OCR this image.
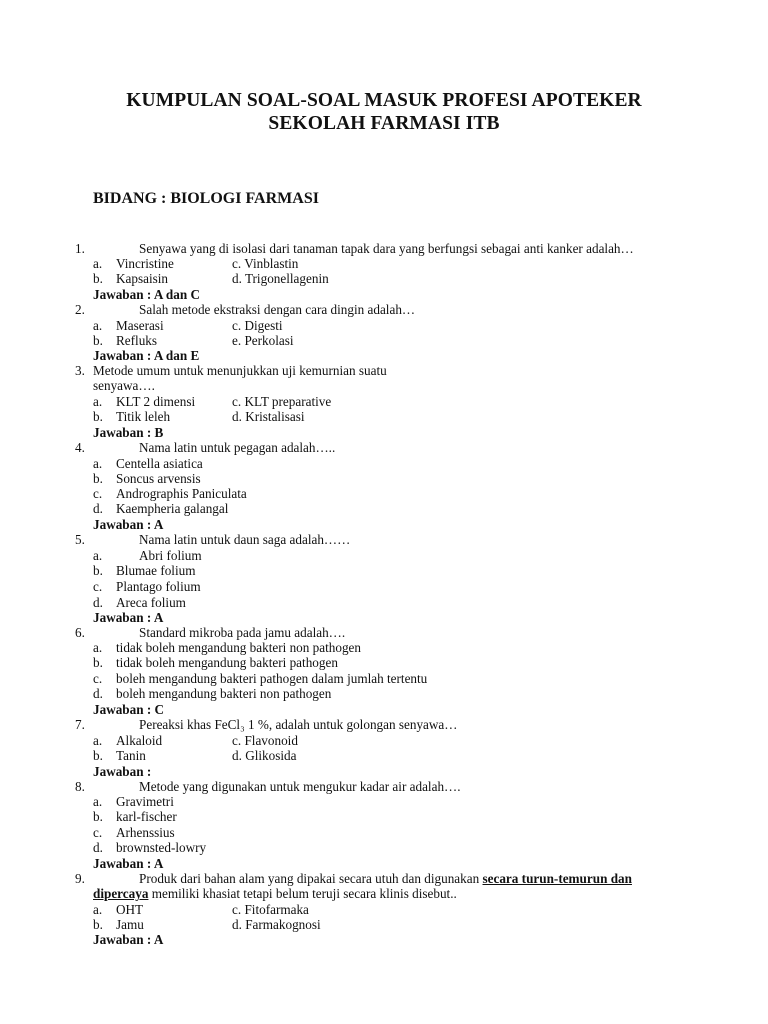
KUMPULAN SOAL-SOAL MASUK PROFESI APOTEKER
SEKOLAH FARMASI ITB
BIDANG : BIOLOGI FARMASI
1.	Senyawa yang di isolasi dari tanaman tapak dara yang berfungsi sebagai anti kanker adalah…
a. Vincristine	c. Vinblastin
b. Kapsaisin	d. Trigonellagenin
Jawaban : A dan C
2.	Salah metode ekstraksi dengan cara dingin adalah…
a. Maserasi	c. Digesti
b. Refluks	e. Perkolasi
Jawaban : A dan E
3. Metode umum untuk menunjukkan uji kemurnian suatu
senyawa….
a. KLT 2 dimensi	c. KLT preparative
b. Titik leleh	d. Kristalisasi
Jawaban : B
4.	Nama latin untuk pegagan adalah…..
a. Centella asiatica
b. Soncus arvensis
c. Andrographis Paniculata
d. Kaempheria galangal
Jawaban : A
5.	Nama latin untuk daun saga adalah……
a.	Abri folium
b. Blumae folium
c. Plantago folium
d. Areca folium
Jawaban : A
6.	Standard mikroba pada jamu adalah….
a. tidak boleh mengandung bakteri non pathogen
b. tidak boleh mengandung bakteri pathogen
c. boleh mengandung bakteri pathogen dalam jumlah tertentu
d. boleh mengandung bakteri non pathogen
Jawaban : C
7.	Pereaksi khas FeCl₃ 1 %, adalah untuk golongan senyawa…
a. Alkaloid	c. Flavonoid
b. Tanin	d. Glikosida
Jawaban :
8.	Metode yang digunakan untuk mengukur kadar air adalah….
a. Gravimetri
b. karl-fischer
c. Arhenssius
d. brownsted-lowry
Jawaban : A
9.	Produk dari bahan alam yang dipakai secara utuh dan digunakan secara turun-temurun dan
dipercaya memiliki khasiat tetapi belum teruji secara klinis disebut..
a. OHT	c. Fitofarmaka
b. Jamu	d. Farmakognosi
Jawaban : A
